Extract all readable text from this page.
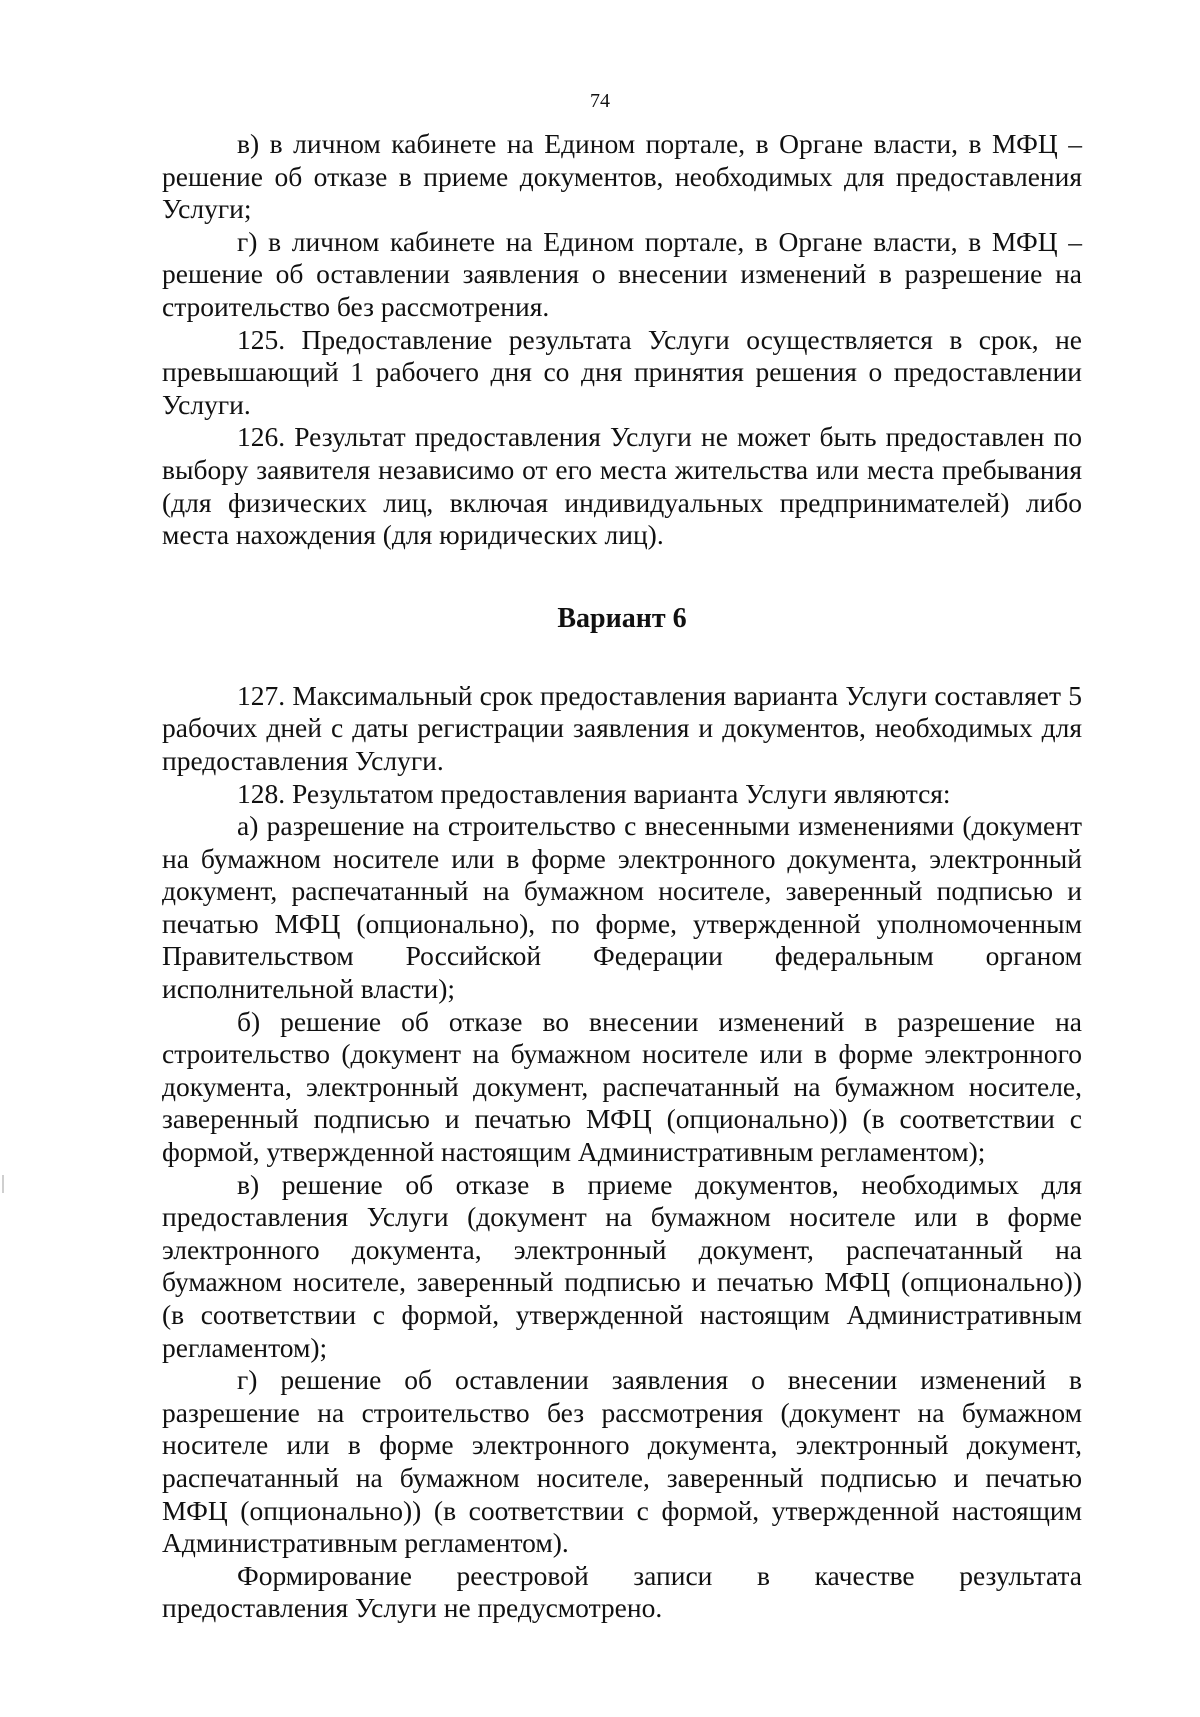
74

в) в личном кабинете на Едином портале, в Органе власти, в МФЦ – решение об отказе в приеме документов, необходимых для предоставления Услуги;

г) в личном кабинете на Едином портале, в Органе власти, в МФЦ – решение об оставлении заявления о внесении изменений в разрешение на строительство без рассмотрения.

125. Предоставление результата Услуги осуществляется в срок, не превышающий 1 рабочего дня со дня принятия решения о предоставлении Услуги.

126. Результат предоставления Услуги не может быть предоставлен по выбору заявителя независимо от его места жительства или места пребывания (для физических лиц, включая индивидуальных предпринимателей) либо места нахождения (для юридических лиц).

Вариант 6

127. Максимальный срок предоставления варианта Услуги составляет 5 рабочих дней с даты регистрации заявления и документов, необходимых для предоставления Услуги.

128. Результатом предоставления варианта Услуги являются:

а) разрешение на строительство с внесенными изменениями (документ на бумажном носителе или в форме электронного документа, электронный документ, распечатанный на бумажном носителе, заверенный подписью и печатью МФЦ (опционально), по форме, утвержденной уполномоченным Правительством Российской Федерации федеральным органом исполнительной власти);

б) решение об отказе во внесении изменений в разрешение на строительство (документ на бумажном носителе или в форме электронного документа, электронный документ, распечатанный на бумажном носителе, заверенный подписью и печатью МФЦ (опционально)) (в соответствии с формой, утвержденной настоящим Административным регламентом);

в) решение об отказе в приеме документов, необходимых для предоставления Услуги (документ на бумажном носителе или в форме электронного документа, электронный документ, распечатанный на бумажном носителе, заверенный подписью и печатью МФЦ (опционально)) (в соответствии с формой, утвержденной настоящим Административным регламентом);

г) решение об оставлении заявления о внесении изменений в разрешение на строительство без рассмотрения (документ на бумажном носителе или в форме электронного документа, электронный документ, распечатанный на бумажном носителе, заверенный подписью и печатью МФЦ (опционально)) (в соответствии с формой, утвержденной настоящим Административным регламентом).

Формирование реестровой записи в качестве результата предоставления Услуги не предусмотрено.
